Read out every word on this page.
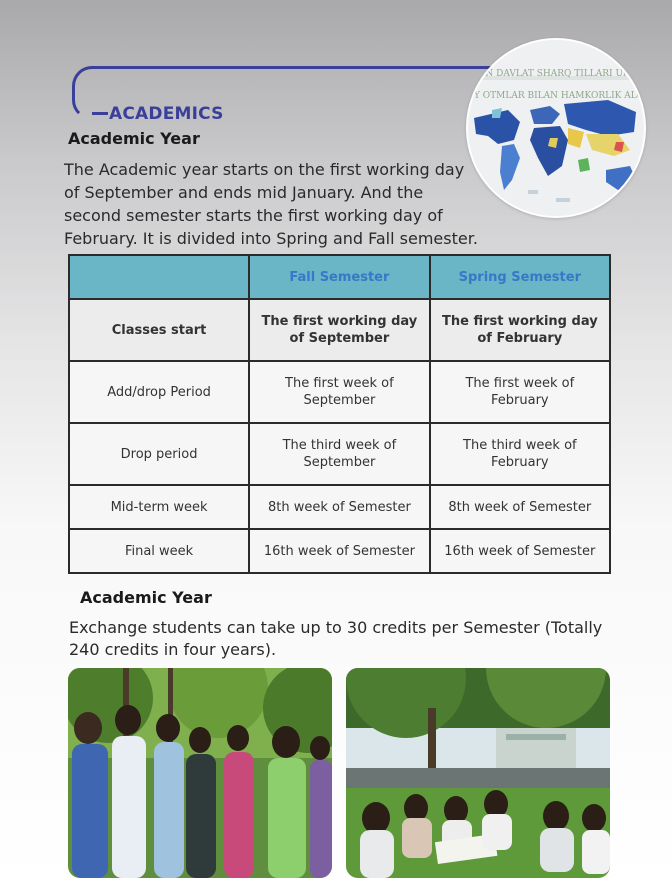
ACADEMICS
Academic Year
The Academic year starts on the first working day of September and ends mid January. And the second semester starts the first working day of February. It is divided into Spring and Fall semester.
ON DAVLAT SHARQ TILLARI UNI
Y OTMLAR BILAN HAMKORLIK ALO
	Fall Semester	Spring Semester
Classes start	The first working day of September	The first working day of February
Add/drop Period	The first week of September	The first week of February
Drop period	The third week of September	The third week of February
Mid-term week	8th week of Semester	8th week of Semester
Final week	16th week of Semester	16th week of Semester
Academic Year
Exchange students can take up to 30 credits per Semester (Totally 240 credits in four years).
